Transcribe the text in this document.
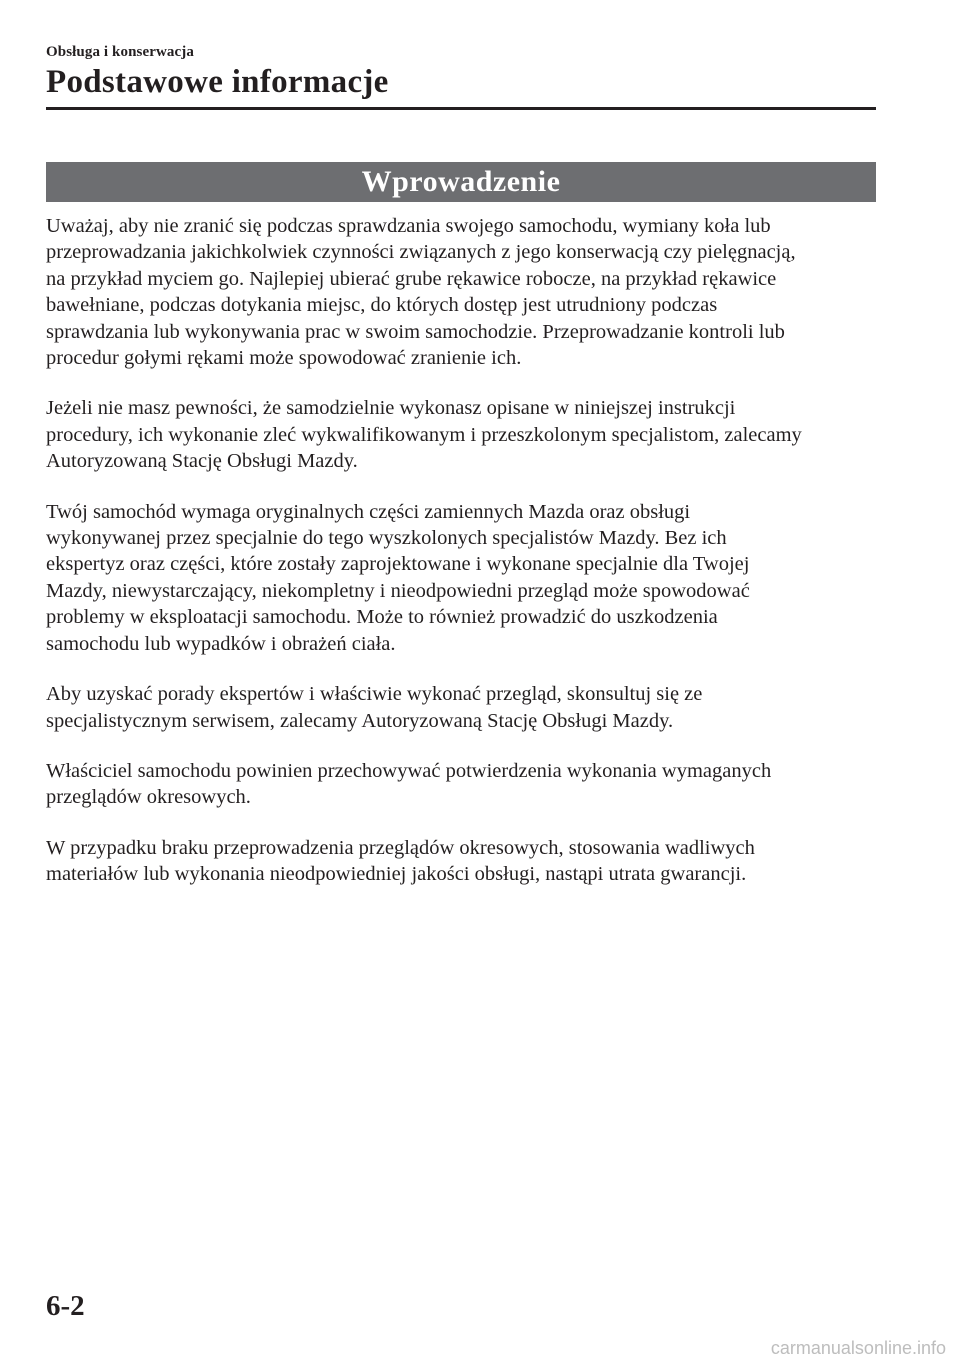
Obsługa i konserwacja
Podstawowe informacje
Wprowadzenie

Uważaj, aby nie zranić się podczas sprawdzania swojego samochodu, wymiany koła lub
przeprowadzania jakichkolwiek czynności związanych z jego konserwacją czy pielęgnacją,
na przykład myciem go. Najlepiej ubierać grube rękawice robocze, na przykład rękawice
bawełniane, podczas dotykania miejsc, do których dostęp jest utrudniony podczas
sprawdzania lub wykonywania prac w swoim samochodzie. Przeprowadzanie kontroli lub
procedur gołymi rękami może spowodować zranienie ich.

Jeżeli nie masz pewności, że samodzielnie wykonasz opisane w niniejszej instrukcji
procedury, ich wykonanie zleć wykwalifikowanym i przeszkolonym specjalistom, zalecamy
Autoryzowaną Stację Obsługi Mazdy.

Twój samochód wymaga oryginalnych części zamiennych Mazda oraz obsługi
wykonywanej przez specjalnie do tego wyszkolonych specjalistów Mazdy. Bez ich
ekspertyz oraz części, które zostały zaprojektowane i wykonane specjalnie dla Twojej
Mazdy, niewystarczający, niekompletny i nieodpowiedni przegląd może spowodować
problemy w eksploatacji samochodu. Może to również prowadzić do uszkodzenia
samochodu lub wypadków i obrażeń ciała.

Aby uzyskać porady ekspertów i właściwie wykonać przegląd, skonsultuj się ze
specjalistycznym serwisem, zalecamy Autoryzowaną Stację Obsługi Mazdy.

Właściciel samochodu powinien przechowywać potwierdzenia wykonania wymaganych
przeglądów okresowych.

W przypadku braku przeprowadzenia przeglądów okresowych, stosowania wadliwych
materiałów lub wykonania nieodpowiedniej jakości obsługi, nastąpi utrata gwarancji.

6-2
carmanualsonline.info
